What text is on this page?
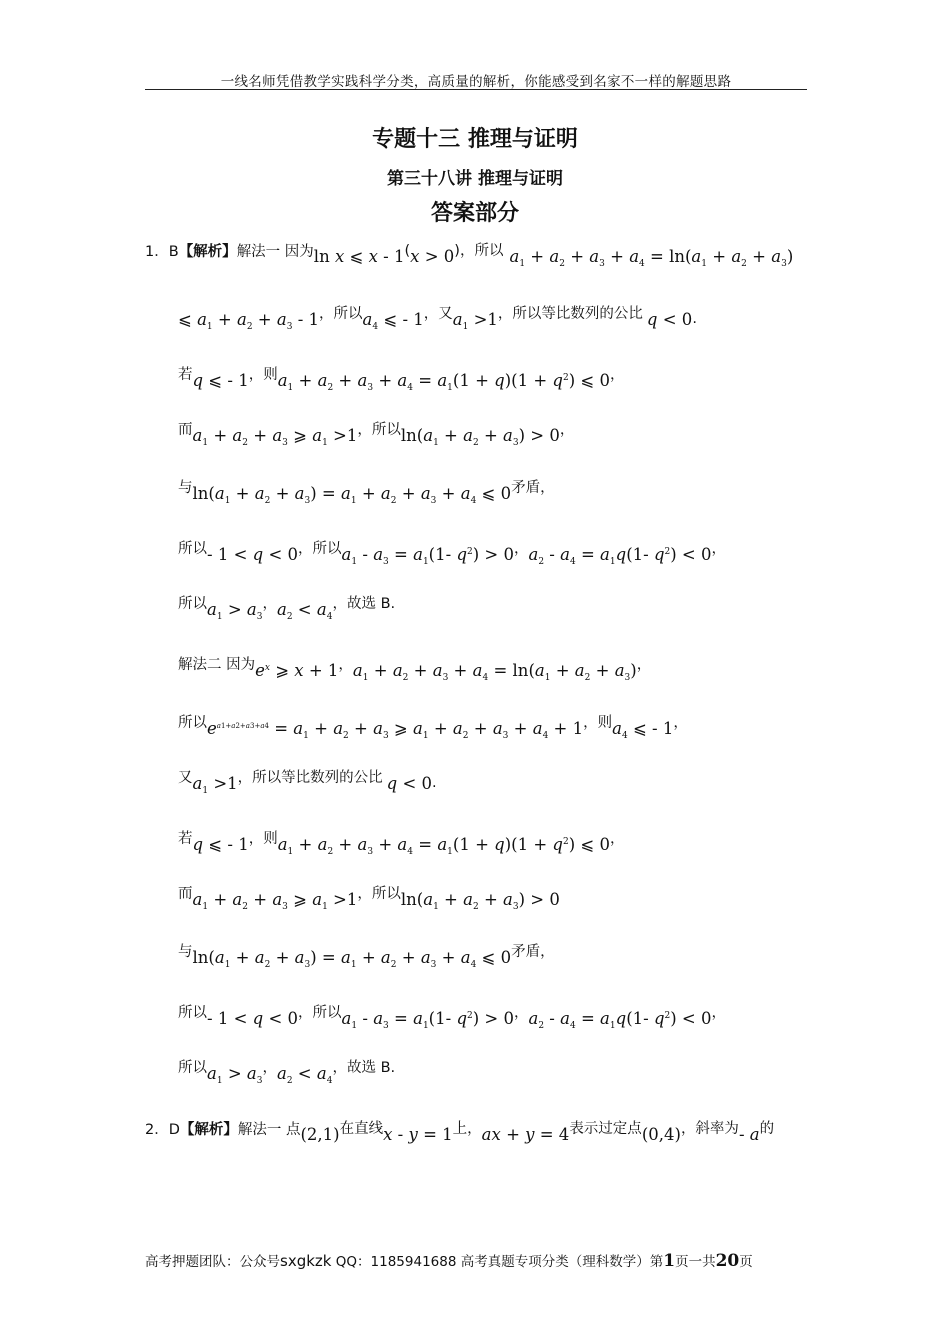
一线名师凭借教学实践科学分类，高质量的解析，你能感受到名家不一样的解题思路
专题十三 推理与证明
第三十八讲 推理与证明
答案部分
1．B【解析】解法一 因为ln x ⩽ x - 1(x > 0)，所以 $a_1 + a_2 + a_3 + a_4 = \ln(a_1 + a_2 + a_3)$
⩽ $a_1 + a_2 + a_3 - 1$，所以$a_4$ ⩽ - 1，又$a_1 >1$，所以等比数列的公比 q < 0.
若q ⩽ - 1，则$a_1 + a_2 + a_3 + a_4 = a_1(1 + q)(1 + q^2)$ ⩽ 0，
而$a_1 + a_2 + a_3$ ⩾ $a_1 >1$，所以$\ln(a_1 + a_2 + a_3) > 0$，
与$\ln(a_1 + a_2 + a_3) = a_1 + a_2 + a_3 + a_4$ ⩽ 0矛盾，
所以- 1 < q < 0，所以$a_1 - a_3 = a_1(1-$ $q^2) > 0$，$a_2 - a_4 = a_1q(1-$ $q^2) < 0$，
所以$a_1 > a_3$，$a_2 < a_4$，故选 B.
解法二 因为$e^x$ ⩾ x + 1，$a_1 + a_2 + a_3 + a_4 = \ln(a_1 + a_2 + a_3)$，
所以$e^{a1+a2+a3+a4} = a_1 + a_2 + a_3$ ⩾ $a_1 + a_2 + a_3 + a_4 + 1$，则$a_4$ ⩽ - 1，
又$a_1 >1$，所以等比数列的公比 q < 0.
若q ⩽ - 1，则$a_1 + a_2 + a_3 + a_4 = a_1(1 + q)(1 + q^2)$ ⩽ 0，
而$a_1 + a_2 + a_3$ ⩾ $a_1 >1$，所以$\ln(a_1 + a_2 + a_3) > 0$
与$\ln(a_1 + a_2 + a_3) = a_1 + a_2 + a_3 + a_4$ ⩽ 0矛盾，
所以- 1 < q < 0，所以$a_1 - a_3 = a_1(1-$ $q^2) > 0$，$a_2 - a_4 = a_1q(1-$ $q^2) < 0$，
所以$a_1 > a_3$，$a_2 < a_4$，故选 B.
2．D【解析】解法一 点(2,1)在直线x - y = 1上，ax + y = 4表示过定点(0,4)，斜率为- a的
高考押题团队：公众号sxgkzk QQ：1185941688 高考真题专项分类（理科数学）第1页一共20页
